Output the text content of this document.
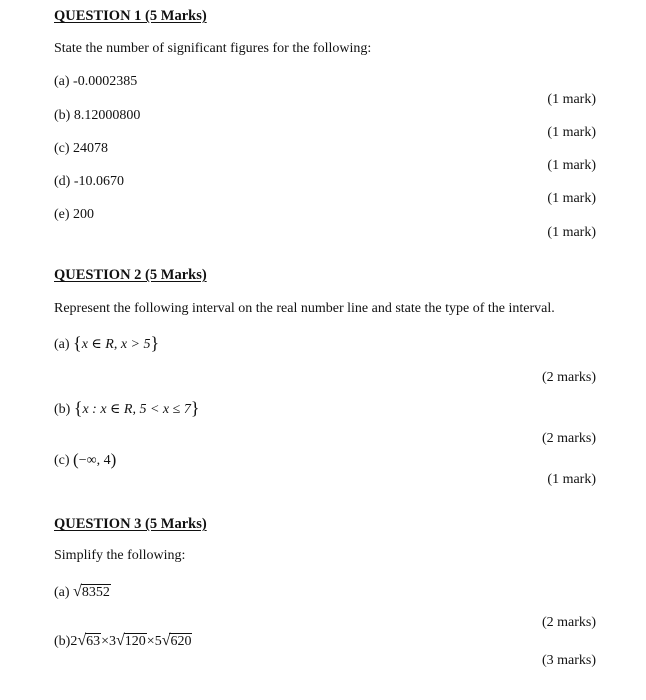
QUESTION 1 (5 Marks)
State the number of significant figures for the following:
(a) -0.0002385
(1 mark)
(b) 8.12000800
(1 mark)
(c) 24078
(1 mark)
(d) -10.0670
(1 mark)
(e) 200
(1 mark)
QUESTION 2 (5 Marks)
Represent the following interval on the real number line and state the type of the interval.
(a) {x ∈ R, x > 5}
(2 marks)
(b) {x : x ∈ R, 5 < x ≤ 7}
(2 marks)
(c) (−∞, 4)
(1 mark)
QUESTION 3 (5 Marks)
Simplify the following:
(a) √8352
(2 marks)
(b)2√63×3√120×5√620
(3 marks)
